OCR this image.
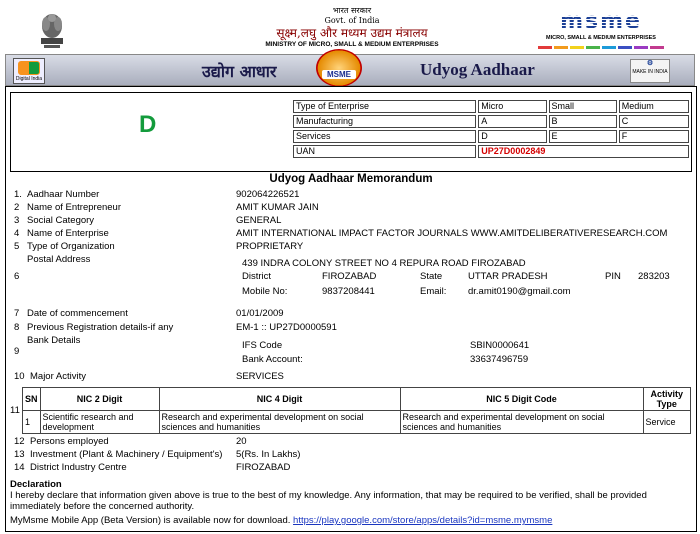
भारत सरकार
Govt. of India
सूक्ष्म,लघु और मध्यम उद्यम मंत्रालय
MINISTRY OF MICRO, SMALL & MEDIUM ENTERPRISES
msme
MICRO, SMALL & MEDIUM ENTERPRISES
Digital India	उद्योग आधार	MSME	Udyog Aadhaar	⚙
MAKE IN INDIA
D
Type of Enterprise	Micro	Small	Medium
Manufacturing	A	B	C
Services	D	E	F
UAN	UP27D0002849		
Udyog Aadhaar Memorandum
1. Aadhaar Number	902064226521
2 Name of Entrepreneur	AMIT KUMAR JAIN
3 Social Category	GENERAL
4 Name of Enterprise	AMIT INTERNATIONAL IMPACT FACTOR JOURNALS WWW.AMITDELIBERATIVERESEARCH.COM
5 Type of Organization	PROPRIETARY
Postal Address	439 INDRA COLONY STREET NO 4 REPURA ROAD FIROZABAD
6	District	FIROZABAD	State	UTTAR PRADESH	PIN 283203
Mobile No:	9837208441	Email: dr.amit0190@gmail.com
7 Date of commencement	01/01/2009
8 Previous Registration details-if any	EM-1 :: UP27D0000591
Bank Details
9
IFS Code	SBIN0000641
Bank Account:	33637496759
10 Major Activity	SERVICES
11
SN	NIC 2 Digit	NIC 4 Digit	NIC 5 Digit Code	Activity Type
1	Scientific research and development	Research and experimental development on social sciences and humanities	Research and experimental development on social sciences and humanities	Service
12 Persons employed	20
13 Investment (Plant & Machinery / Equipment's) 5(Rs. In Lakhs)
14 District Industry Centre	FIROZABAD
Declaration
I hereby declare that information given above is true to the best of my knowledge. Any information, that may be required to be verified, shall be provided immediately before the concerned authority.
MyMsme Mobile App (Beta Version) is available now for download. https://play.google.com/store/apps/details?id=msme.mymsme
